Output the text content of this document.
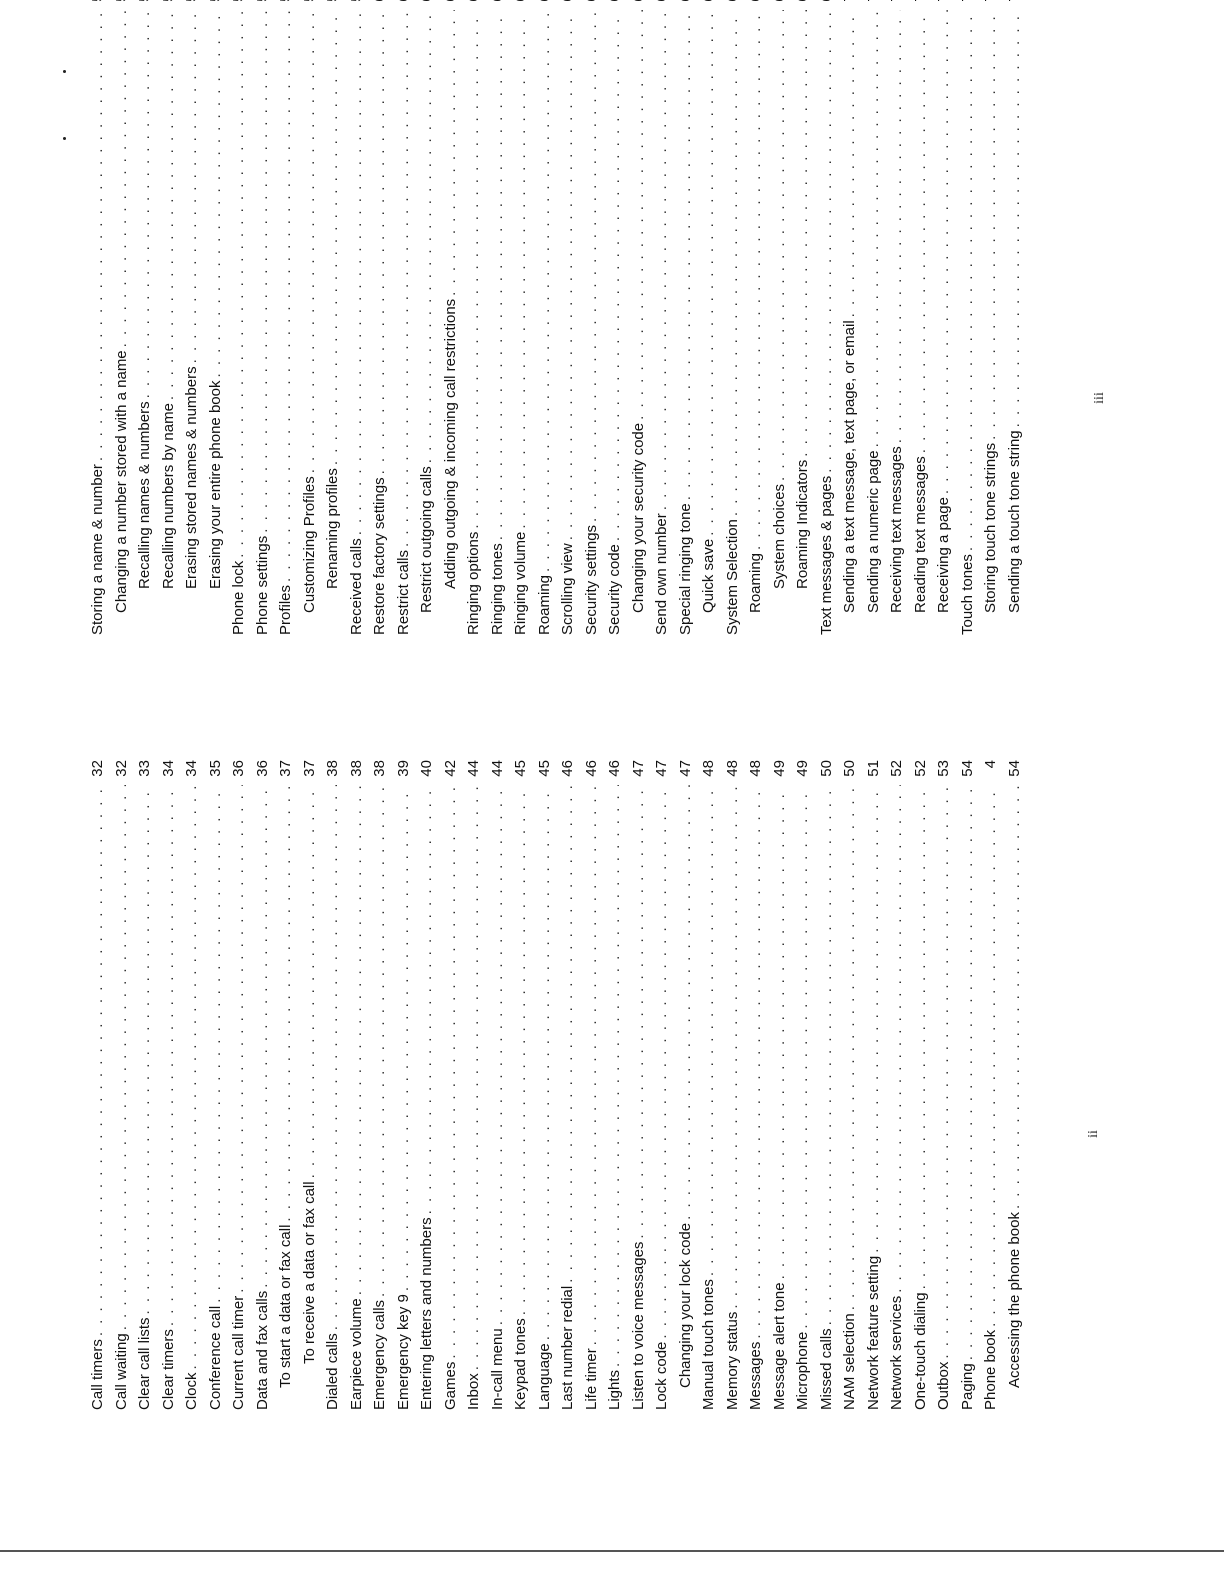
Call timers
. . .
32
Call waiting
. . .
32
Clear call lists
. . .
33
Clear timers
. . .
34
Clock
. . .
34
Conference call
. . .
35
Current call timer
. . .
36
Data and fax calls
. . .
36
To start a data or fax call
. . .
37
To receive a data or fax call
. . .
37
Dialed calls
. . .
38
Earpiece volume
. . .
38
Emergency calls
. . .
38
Emergency key 9
. . .
39
Entering letters and numbers
. . .
40
Games
. . .
42
Inbox
. . .
44
In-call menu
. . .
44
Keypad tones
. . .
45
Language
. . .
45
Last number redial
. . .
46
Life timer
. . .
46
Lights
. . .
46
Listen to voice messages
. . .
47
Lock code
. . .
47
Changing your lock code
. . .
47
Manual touch tones
. . .
48
Memory status
. . .
48
Messages
. . .
48
Message alert tone
. . .
49
Microphone
. . .
49
Missed calls
. . .
50
NAM selection
. . .
50
Network feature setting
. . .
51
Network services
. . .
52
One-touch dialing
. . .
52
Outbox
. . .
53
Paging
. . .
54
Phone book
. . .
4
Accessing the phone book
. . .
54
Storing a name & number
. . . Changing a number stored with a name
. . . Recalling names & numbers
. . . Recalling numbers by name
. . . Erasing stored names & numbers
. . . Erasing your entire phone book
. . .
Phone lock
. . . Phone settings
. . . Profiles . . . Customizing Profiles
. . . Renaming profiles
. . . Received calls
. . . Restore factory settings
. . . Restrict calls . . . Restrict outgoing calls . . . Adding outgoing & incoming call restrictions
. . . Ringing options
. . . Ringing tones
. . . Ringing volume
. . . Roaming
. . . Scrolling view
. . . Security settings
. . . Security code . . . Changing your security code
. . . Send own number
. . . Special ringing tone
. . . Quick save
. . . System Selection
. . . Roaming . . . System choices
. . . Roaming Indicators
. . . Text messages & pages . . . Sending a text message, text page, or email
. . . Sending a numeric page
. . . Receiving text messages
. . . Reading text messages
. . . Receiving a page
. . . Touch tones . . . Storing touch tone strings
. . . Sending a touch tone string
. . .
ii
iii
